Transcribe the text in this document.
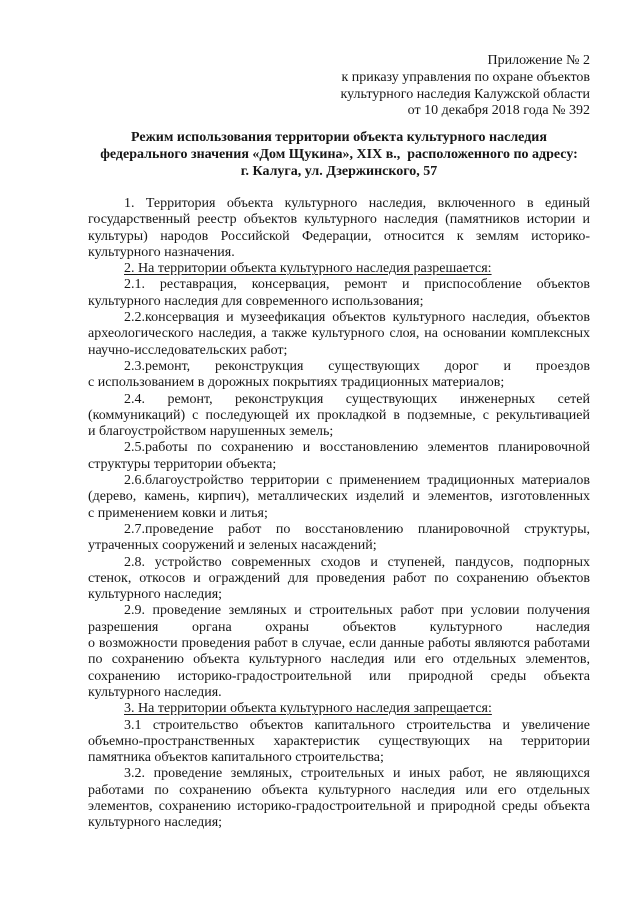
Приложение № 2
к приказу управления по охране объектов
культурного наследия Калужской области
от 10 декабря 2018 года № 392
Режим использования территории объекта культурного наследия
федерального значения «Дом Щукина», XIX в.,  расположенного по адресу:
г. Калуга, ул. Дзержинского, 57
1. Территория объекта культурного наследия, включенного в единый
государственный реестр объектов культурного наследия (памятников истории и
культуры) народов Российской Федерации, относится к землям историко-
культурного назначения.
2. На территории объекта культурного наследия разрешается:
2.1. реставрация, консервация, ремонт и приспособление объектов
культурного наследия для современного использования;
2.2.консервация и музеефикация объектов культурного наследия, объектов
археологического наследия, а также культурного слоя, на основании комплексных
научно-исследовательских работ;
2.3.ремонт, реконструкция существующих дорог и проездов
с использованием в дорожных покрытиях традиционных материалов;
2.4. ремонт, реконструкция существующих инженерных сетей
(коммуникаций) с последующей их прокладкой в подземные, с рекультивацией
и благоустройством нарушенных земель;
2.5.работы по сохранению и восстановлению элементов планировочной
структуры территории объекта;
2.6.благоустройство территории с применением традиционных материалов
(дерево, камень, кирпич), металлических изделий и элементов, изготовленных
с применением ковки и литья;
2.7.проведение работ по восстановлению планировочной структуры,
утраченных сооружений и зеленых насаждений;
2.8. устройство современных сходов и ступеней, пандусов, подпорных
стенок, откосов и ограждений для проведения работ по сохранению объектов
культурного наследия;
2.9. проведение земляных и строительных работ при условии получения
разрешения органа охраны объектов культурного наследия
о возможности проведения работ в случае, если данные работы являются работами
по сохранению объекта культурного наследия или его отдельных элементов,
сохранению историко-градостроительной или природной среды объекта
культурного наследия.
3. На территории объекта культурного наследия запрещается:
3.1 строительство объектов капитального строительства и увеличение
объемно-пространственных характеристик существующих на территории
памятника объектов капитального строительства;
3.2. проведение земляных, строительных и иных работ, не являющихся
работами по сохранению объекта культурного наследия или его отдельных
элементов, сохранению историко-градостроительной и природной среды объекта
культурного наследия;
